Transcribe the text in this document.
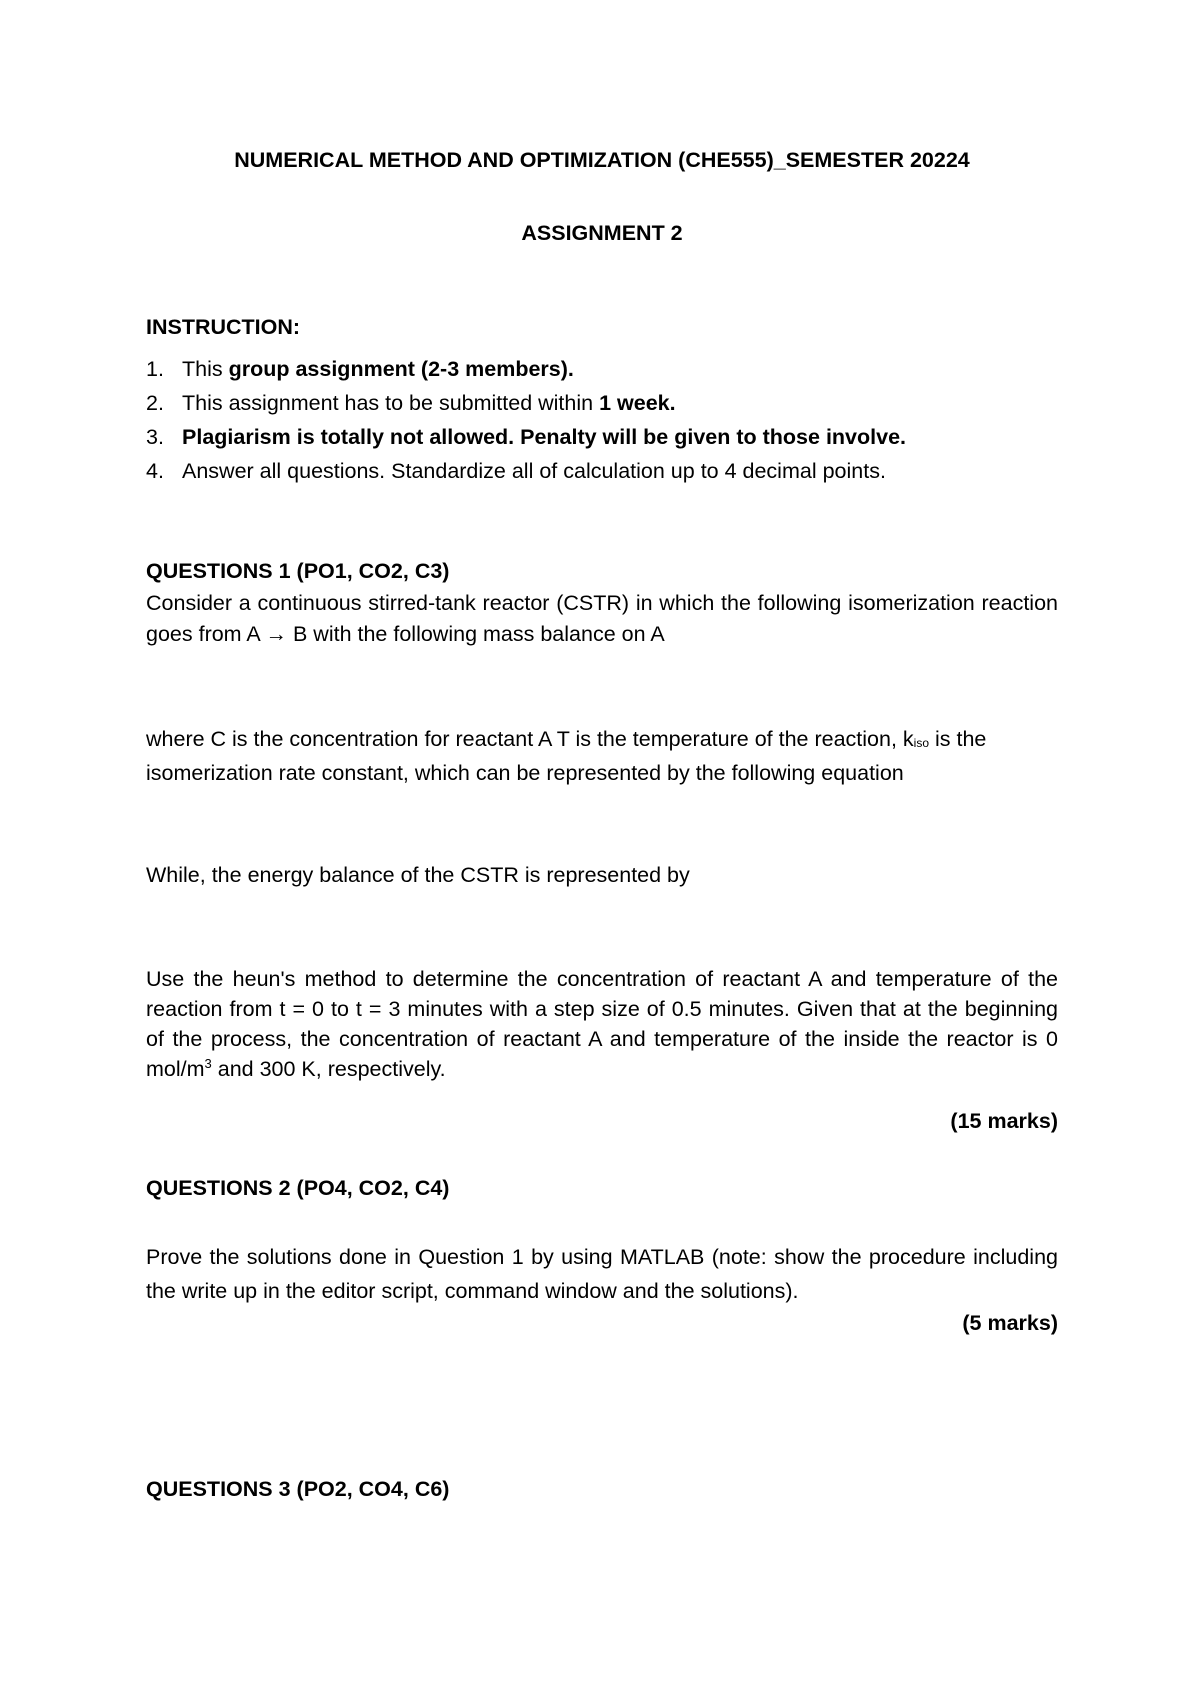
NUMERICAL METHOD AND OPTIMIZATION (CHE555)_SEMESTER 20224

ASSIGNMENT 2

INSTRUCTION:

1. This group assignment (2-3 members).
2. This assignment has to be submitted within 1 week.
3. Plagiarism is totally not allowed. Penalty will be given to those involve.
4. Answer all questions. Standardize all of calculation up to 4 decimal points.

QUESTIONS 1 (PO1, CO2, C3)

Consider a continuous stirred-tank reactor (CSTR) in which the following isomerization reaction goes from A → B with the following mass balance on A

where C is the concentration for reactant A T is the temperature of the reaction, kiso is the isomerization rate constant, which can be represented by the following equation

While, the energy balance of the CSTR is represented by

Use the heun's method to determine the concentration of reactant A and temperature of the reaction from t = 0 to t = 3 minutes with a step size of 0.5 minutes. Given that at the beginning of the process, the concentration of reactant A and temperature of the inside the reactor is 0 mol/$m^3$ and 300 K, respectively.

(15 marks)

QUESTIONS 2 (PO4, CO2, C4)

Prove the solutions done in Question 1 by using MATLAB (note: show the procedure including the write up in the editor script, command window and the solutions).

(5 marks)

QUESTIONS 3 (PO2, CO4, C6)
